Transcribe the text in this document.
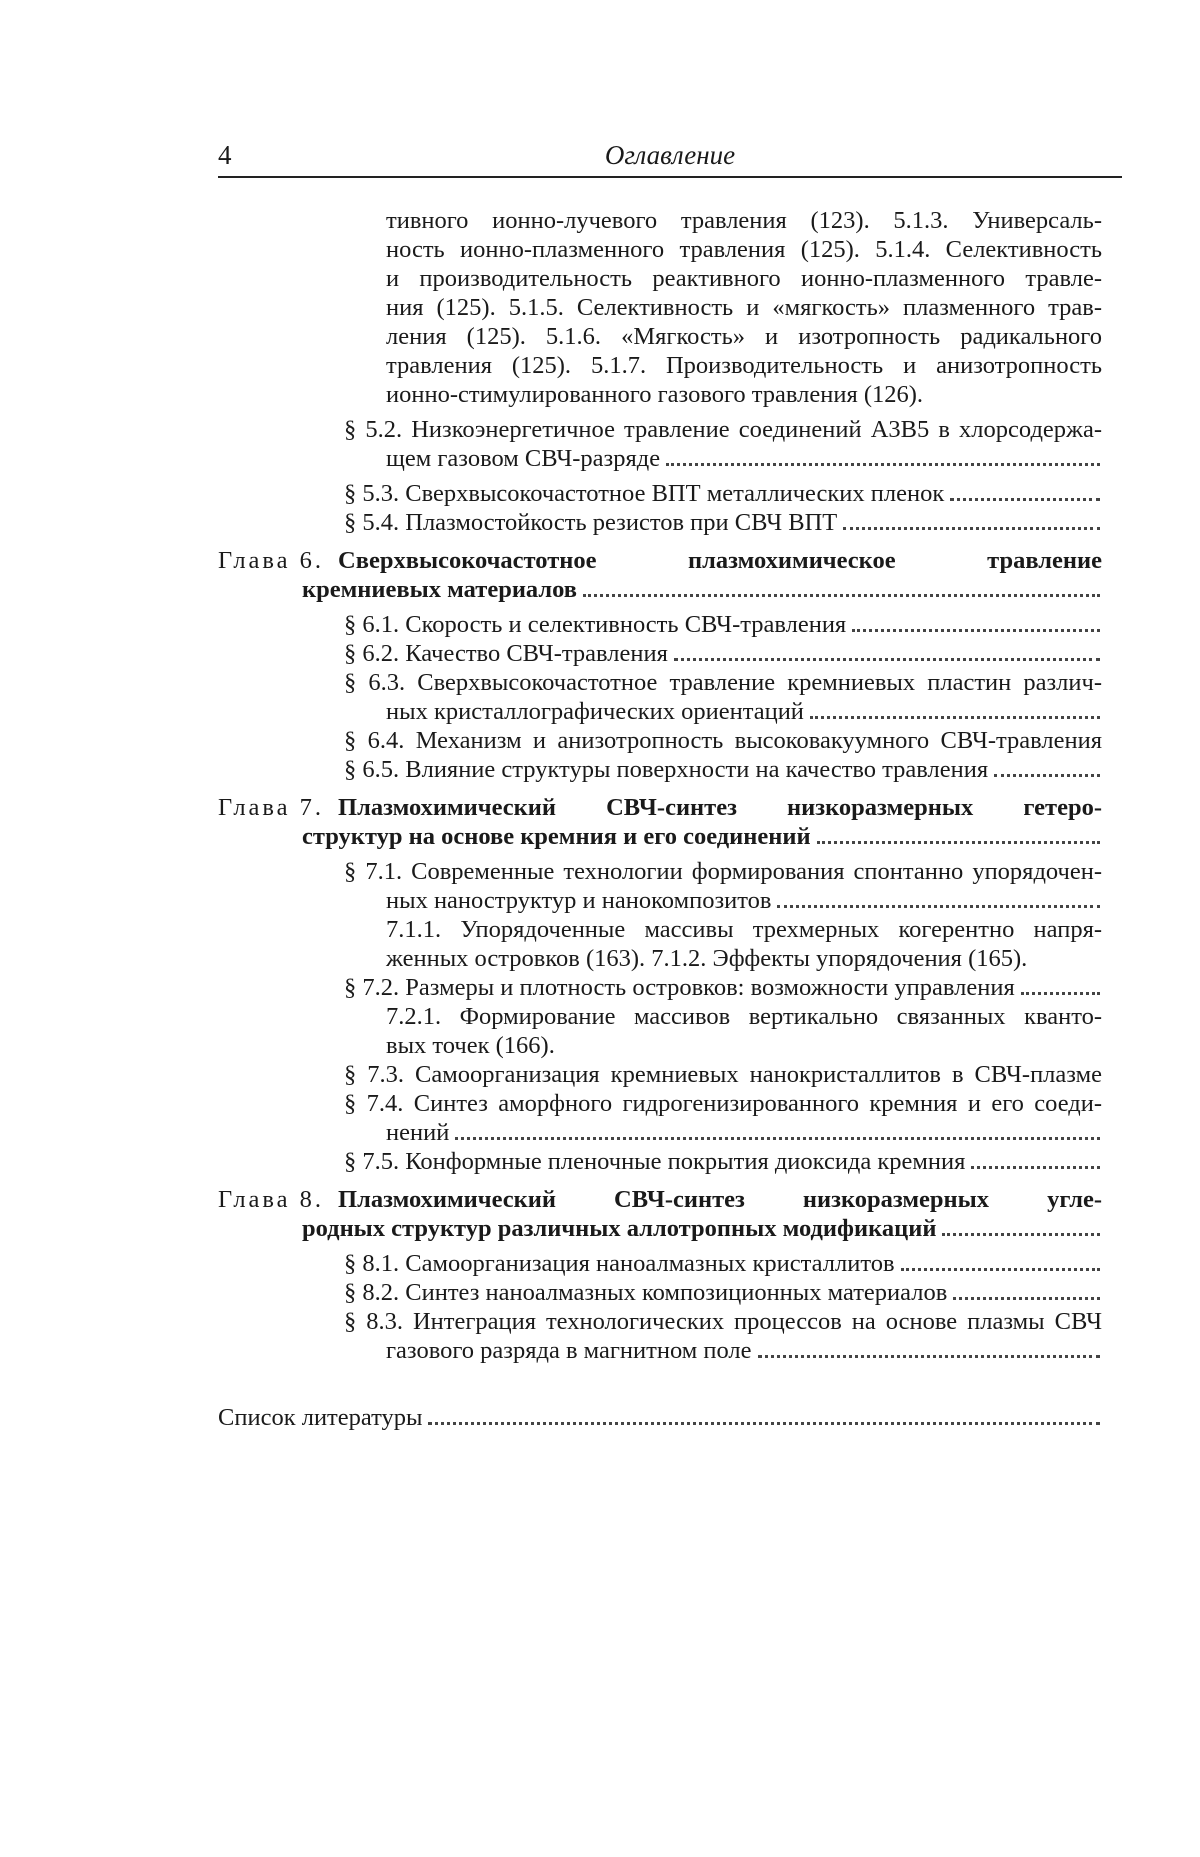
4	Оглавление
тивного ионно-лучевого травления (123). 5.1.3. Универсаль-
ность ионно-плазменного травления (125). 5.1.4. Селективность
и производительность реактивного ионно-плазменного травле-
ния (125). 5.1.5. Селективность и «мягкость» плазменного трав-
ления (125). 5.1.6. «Мягкость» и изотропность радикального
травления (125). 5.1.7. Производительность и анизотропность
ионно-стимулированного газового травления (126).
§ 5.2. Низкоэнергетичное травление соединений A3B5 в хлорсодержа-
щем газовом СВЧ-разряде
§ 5.3. Сверхвысокочастотное ВПТ металлических пленок
§ 5.4. Плазмостойкость резистов при СВЧ ВПТ
Глава 6. Сверхвысокочастотное плазмохимическое травление
кремниевых материалов
§ 6.1. Скорость и селективность СВЧ-травления
§ 6.2. Качество СВЧ-травления
§ 6.3. Сверхвысокочастотное травление кремниевых пластин различ-
ных кристаллографических ориентаций
§ 6.4. Механизм и анизотропность высоковакуумного СВЧ-травления
§ 6.5. Влияние структуры поверхности на качество травления
Глава 7. Плазмохимический СВЧ-синтез низкоразмерных гетеро-
структур на основе кремния и его соединений
§ 7.1. Современные технологии формирования спонтанно упорядочен-
ных наноструктур и нанокомпозитов
7.1.1. Упорядоченные массивы трехмерных когерентно напря-
женных островков (163). 7.1.2. Эффекты упорядочения (165).
§ 7.2. Размеры и плотность островков: возможности управления
7.2.1. Формирование массивов вертикально связанных кванто-
вых точек (166).
§ 7.3. Самоорганизация кремниевых нанокристаллитов в СВЧ-плазме
§ 7.4. Синтез аморфного гидрогенизированного кремния и его соеди-
нений
§ 7.5. Конформные пленочные покрытия диоксида кремния
Глава 8. Плазмохимический СВЧ-синтез низкоразмерных угле-
родных структур различных аллотропных модификаций
§ 8.1. Самоорганизация наноалмазных кристаллитов
§ 8.2. Синтез наноалмазных композиционных материалов
§ 8.3. Интеграция технологических процессов на основе плазмы СВЧ
газового разряда в магнитном поле
Список литературы
